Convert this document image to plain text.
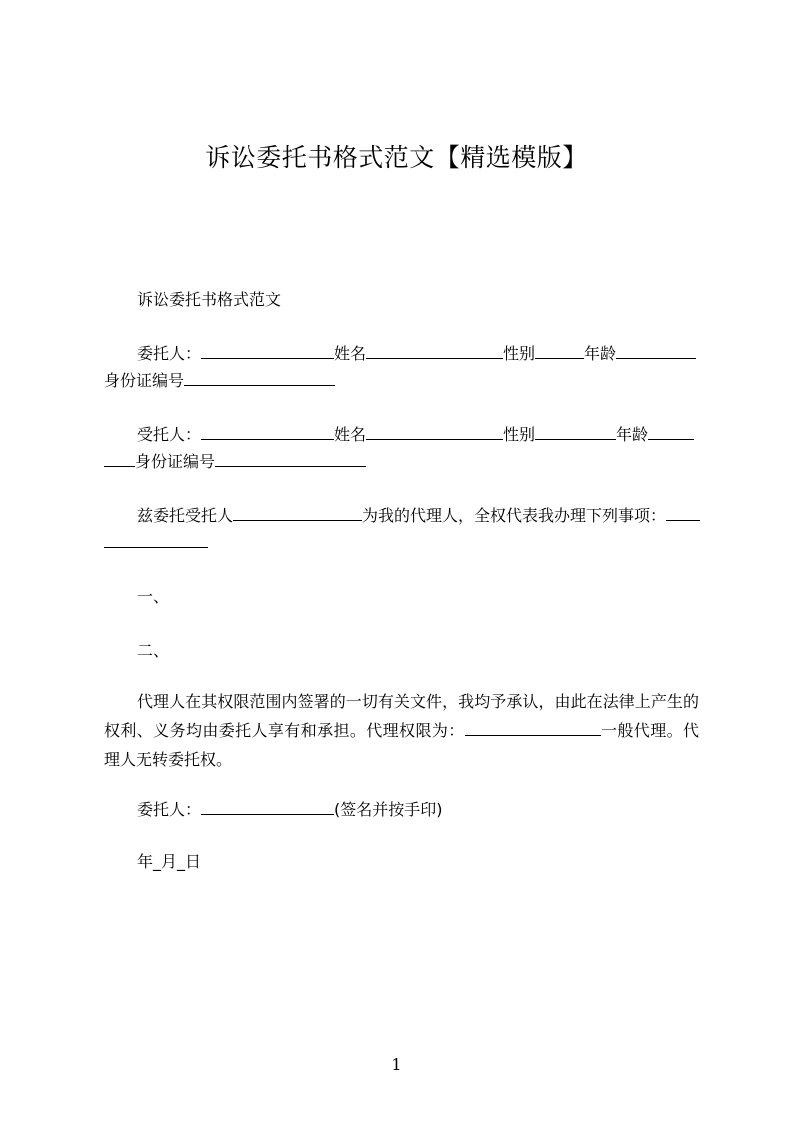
诉讼委托书格式范文【精选模版】
诉讼委托书格式范文
委托人：	姓名	性别	年龄
身份证编号
受托人：	姓名	性别	年龄
身份证编号
兹委托受托人	为我的代理人，全权代表我办理下列事项：
一、
二、
代理人在其权限范围内签署的一切有关文件，我均予承认，由此在法律上产生的权利、义务均由委托人享有和承担。代理权限为：	一般代理。代理人无转委托权。
委托人：	(签名并按手印)
年_月_日
1
